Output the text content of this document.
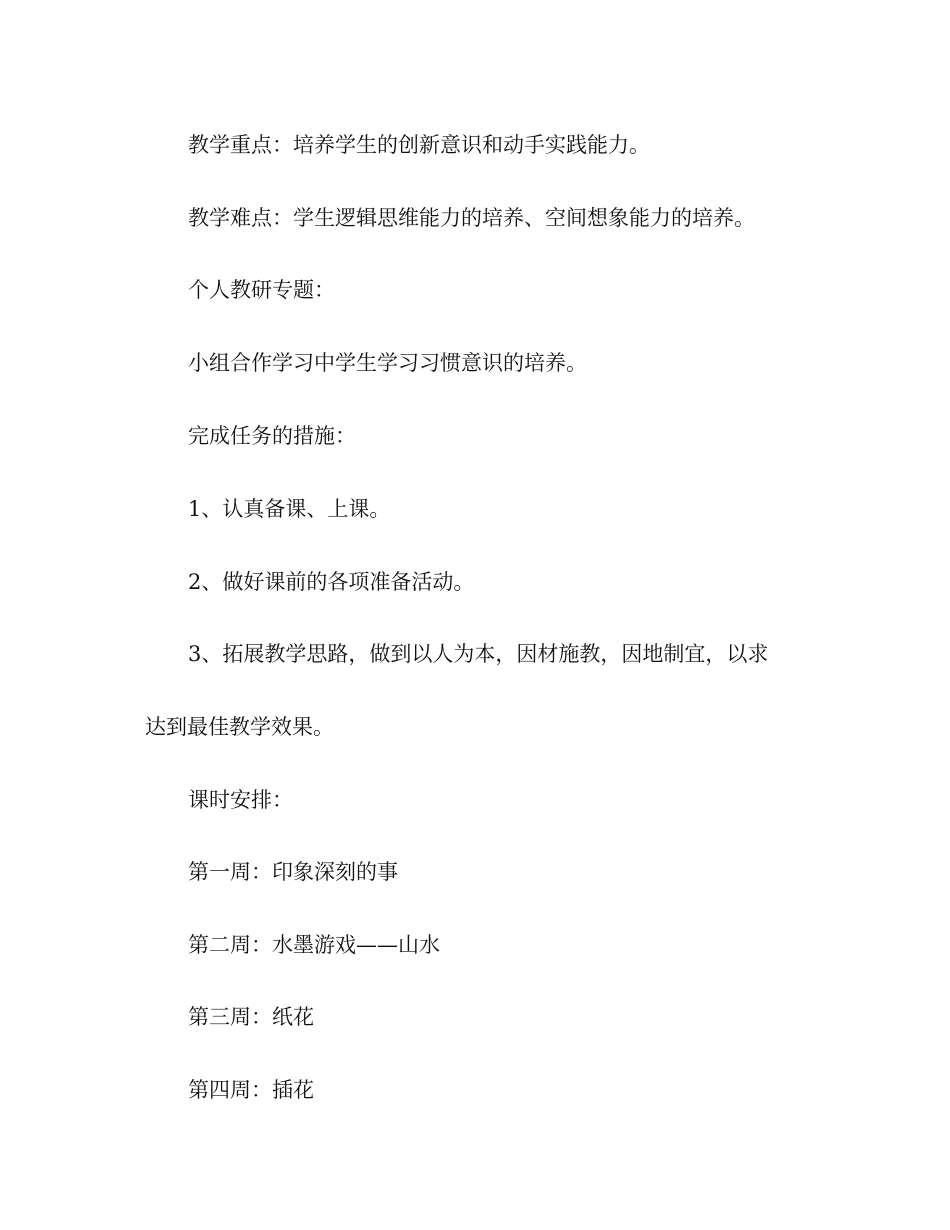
教学重点：培养学生的创新意识和动手实践能力。

教学难点：学生逻辑思维能力的培养、空间想象能力的培养。

个人教研专题：

小组合作学习中学生学习习惯意识的培养。

完成任务的措施：

1、认真备课、上课。

2、做好课前的各项准备活动。

3、拓展教学思路，做到以人为本，因材施教，因地制宜，以求

达到最佳教学效果。

课时安排：

第一周：印象深刻的事

第二周：水墨游戏——山水

第三周：纸花

第四周：插花
